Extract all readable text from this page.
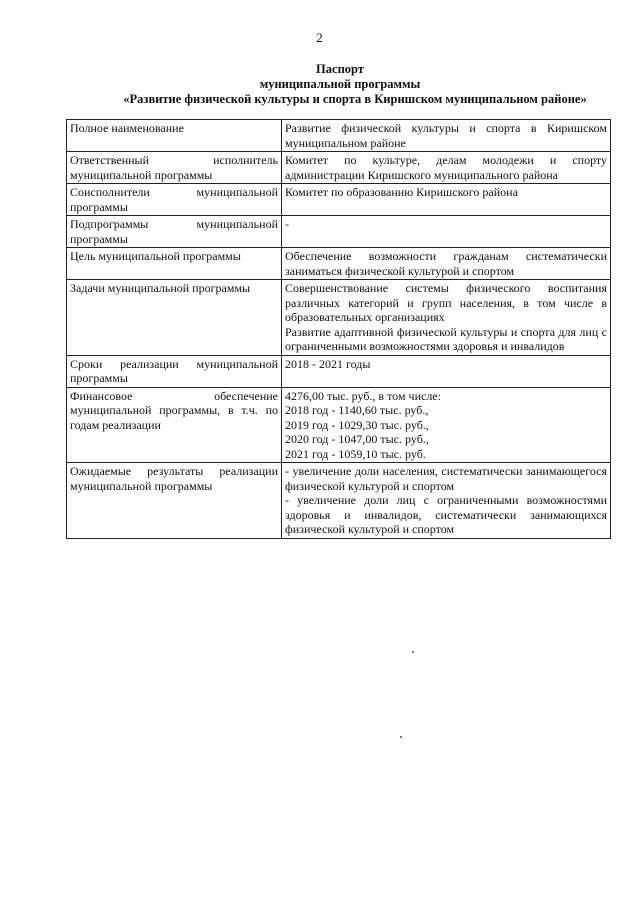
2
Паспорт
муниципальной программы
«Развитие физической культуры и спорта в Киришском муниципальном районе»
Полное наименование	Развитие физической культуры и спорта в Киришском муниципальном районе

Ответственный исполнитель муниципальной программы	Комитет по культуре, делам молодежи и спорту администрации Киришского муниципального района

Соисполнители муниципальной программы	Комитет по образованию Киришского района

Подпрограммы муниципальной программы	-

Цель муниципальной программы	Обеспечение возможности гражданам систематически заниматься физической культурой и спортом

Задачи муниципальной программы	Совершенствование системы физического воспитания различных категорий и групп населения, в том числе в образовательных организациях
Развитие адаптивной физической культуры и спорта для лиц с ограниченными возможностями здоровья и инвалидов

Сроки реализации муниципальной программы	2018 - 2021 годы

Финансовое обеспечение муниципальной программы, в т.ч. по годам реализации	4276,00 тыс. руб., в том числе:
2018 год - 1140,60 тыс. руб.,
2019 год - 1029,30 тыс. руб.,
2020 год - 1047,00 тыс. руб.,
2021 год - 1059,10 тыс. руб.

Ожидаемые результаты реализации муниципальной программы	- увеличение доли населения, систематически занимающегося физической культурой и спортом
- увеличение доли лиц с ограниченными возможностями здоровья и инвалидов, систематически занимающихся физической культурой и спортом
